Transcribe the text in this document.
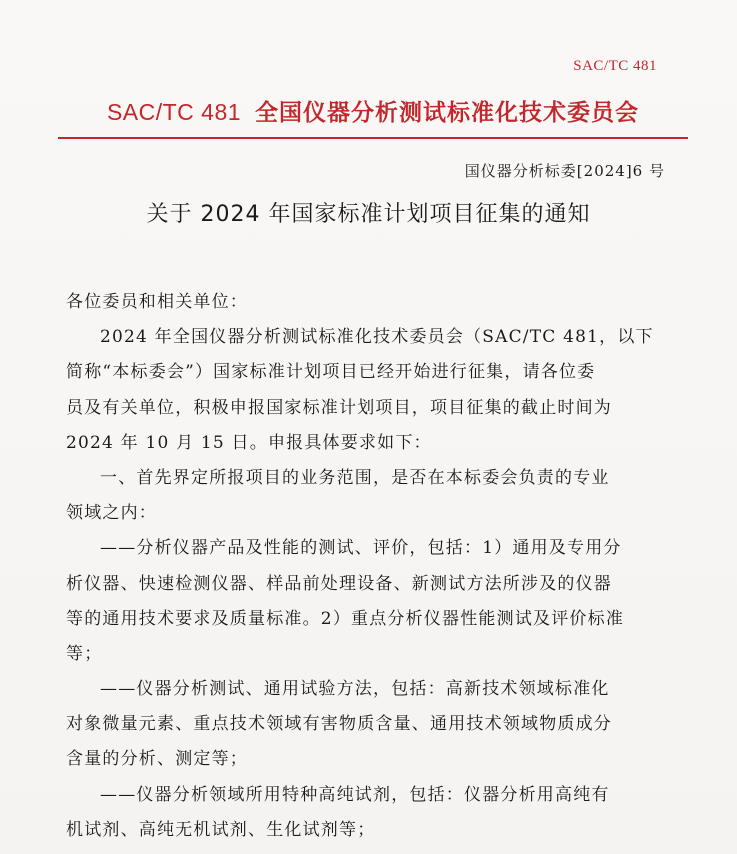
SAC/TC 481
SAC/TC 481 全国仪器分析测试标准化技术委员会
国仪器分析标委[2024]6 号
关于 2024 年国家标准计划项目征集的通知
各位委员和相关单位：
2024 年全国仪器分析测试标准化技术委员会（SAC/TC 481，以下
简称“本标委会”）国家标准计划项目已经开始进行征集，请各位委
员及有关单位，积极申报国家标准计划项目，项目征集的截止时间为
2024 年 10 月 15 日。申报具体要求如下：
一、首先界定所报项目的业务范围，是否在本标委会负责的专业
领域之内：
——分析仪器产品及性能的测试、评价，包括：1）通用及专用分
析仪器、快速检测仪器、样品前处理设备、新测试方法所涉及的仪器
等的通用技术要求及质量标准。2）重点分析仪器性能测试及评价标准
等；
——仪器分析测试、通用试验方法，包括：高新技术领域标准化
对象微量元素、重点技术领域有害物质含量、通用技术领域物质成分
含量的分析、测定等；
——仪器分析领域所用特种高纯试剂，包括：仪器分析用高纯有
机试剂、高纯无机试剂、生化试剂等；
